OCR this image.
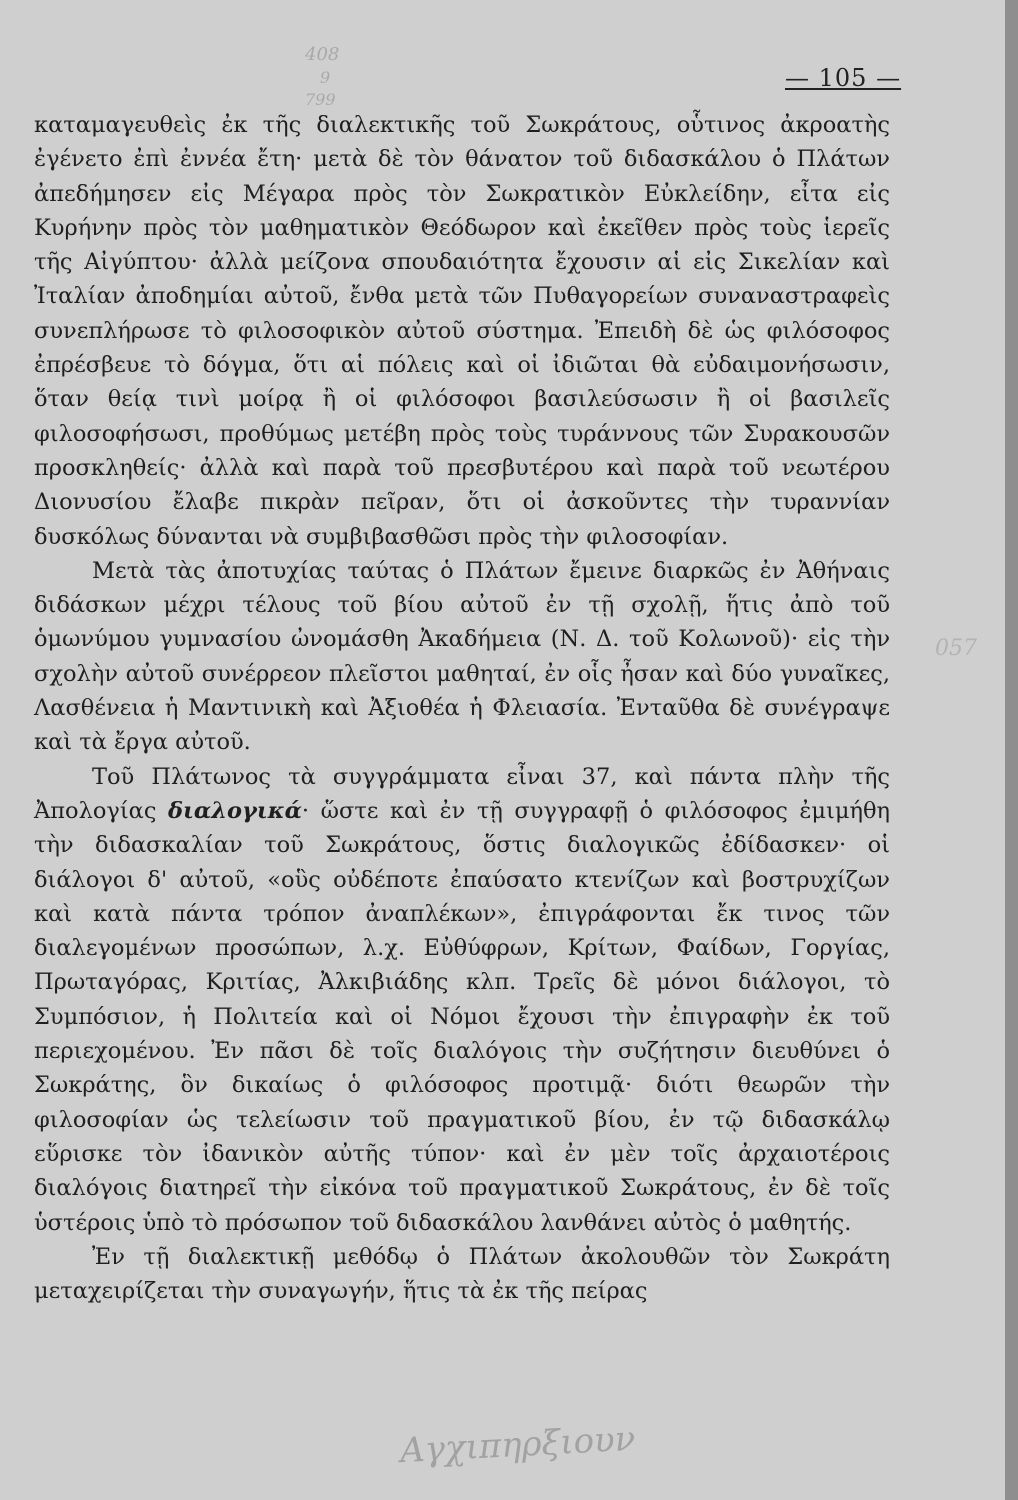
408
9
799
— 105 —
057

καταμαγευθεὶς ἐκ τῆς διαλεκτικῆς τοῦ Σωκράτους, οὗτινος ἀκροατὴς ἐγένετο ἐπὶ ἐννέα ἔτη· μετὰ δὲ τὸν θάνατον τοῦ διδασκάλου ὁ Πλάτων ἀπεδήμησεν εἰς Μέγαρα πρὸς τὸν Σωκρατικὸν Εὐκλείδην, εἶτα εἰς Κυρήνην πρὸς τὸν μαθηματικὸν Θεόδωρον καὶ ἐκεῖθεν πρὸς τοὺς ἱερεῖς τῆς Αἰγύπτου· ἀλλὰ μείζονα σπουδαιότητα ἔχουσιν αἱ εἰς Σικελίαν καὶ Ἰταλίαν ἀποδημίαι αὐτοῦ, ἔνθα μετὰ τῶν Πυθαγορείων συναναστραφεὶς συνεπλήρωσε τὸ φιλοσοφικὸν αὐτοῦ σύστημα. Ἐπειδὴ δὲ ὡς φιλόσοφος ἐπρέσβευε τὸ δόγμα, ὅτι αἱ πόλεις καὶ οἱ ἰδιῶται θὰ εὐδαιμονήσωσιν, ὅταν θείᾳ τινὶ μοίρᾳ ἢ οἱ φιλόσοφοι βασιλεύσωσιν ἢ οἱ βασιλεῖς φιλοσοφήσωσι, προθύμως μετέβη πρὸς τοὺς τυράννους τῶν Συρακουσῶν προσκληθείς· ἀλλὰ καὶ παρὰ τοῦ πρεσβυτέρου καὶ παρὰ τοῦ νεωτέρου Διονυσίου ἔλαβε πικρὰν πεῖραν, ὅτι οἱ ἀσκοῦντες τὴν τυραννίαν δυσκόλως δύνανται νὰ συμβιβασθῶσι πρὸς τὴν φιλοσοφίαν.

Μετὰ τὰς ἀποτυχίας ταύτας ὁ Πλάτων ἔμεινε διαρκῶς ἐν Ἀθήναις διδάσκων μέχρι τέλους τοῦ βίου αὐτοῦ ἐν τῇ σχολῇ, ἥτις ἀπὸ τοῦ ὁμωνύμου γυμνασίου ὠνομάσθη Ἀκαδήμεια (Ν. Δ. τοῦ Κολωνοῦ)· εἰς τὴν σχολὴν αὐτοῦ συνέρρεον πλεῖστοι μαθηταί, ἐν οἷς ἦσαν καὶ δύο γυναῖκες, Λασθένεια ἡ Μαντινικὴ καὶ Ἀξιοθέα ἡ Φλειασία. Ἐνταῦθα δὲ συνέγραψε καὶ τὰ ἔργα αὐτοῦ.

Τοῦ Πλάτωνος τὰ συγγράμματα εἶναι 37, καὶ πάντα πλὴν τῆς Ἀπολογίας διαλογικά· ὥστε καὶ ἐν τῇ συγγραφῇ ὁ φιλόσοφος ἐμιμήθη τὴν διδασκαλίαν τοῦ Σωκράτους, ὅστις διαλογικῶς ἐδίδασκεν· οἱ διάλογοι δ' αὐτοῦ, «οὓς οὐδέποτε ἐπαύσατο κτενίζων καὶ βοστρυχίζων καὶ κατὰ πάντα τρόπον ἀναπλέκων», ἐπιγράφονται ἔκ τινος τῶν διαλεγομένων προσώπων, λ.χ. Εὐθύφρων, Κρίτων, Φαίδων, Γοργίας, Πρωταγόρας, Κριτίας, Ἀλκιβιάδης κλπ. Τρεῖς δὲ μόνοι διάλογοι, τὸ Συμπόσιον, ἡ Πολιτεία καὶ οἱ Νόμοι ἔχουσι τὴν ἐπιγραφὴν ἐκ τοῦ περιεχομένου. Ἐν πᾶσι δὲ τοῖς διαλόγοις τὴν συζήτησιν διευθύνει ὁ Σωκράτης, ὃν δικαίως ὁ φιλόσοφος προτιμᾷ· διότι θεωρῶν τὴν φιλοσοφίαν ὡς τελείωσιν τοῦ πραγματικοῦ βίου, ἐν τῷ διδασκάλῳ εὕρισκε τὸν ἰδανικὸν αὐτῆς τύπον· καὶ ἐν μὲν τοῖς ἀρχαιοτέροις διαλόγοις διατηρεῖ τὴν εἰκόνα τοῦ πραγματικοῦ Σωκράτους, ἐν δὲ τοῖς ὑστέροις ὑπὸ τὸ πρόσωπον τοῦ διδασκάλου λανθάνει αὐτὸς ὁ μαθητής.

Ἐν τῇ διαλεκτικῇ μεθόδῳ ὁ Πλάτων ἀκολουθῶν τὸν Σωκράτη μεταχειρίζεται τὴν συναγωγήν, ἥτις τὰ ἐκ τῆς πείρας

Αγχιπηρξιουν
